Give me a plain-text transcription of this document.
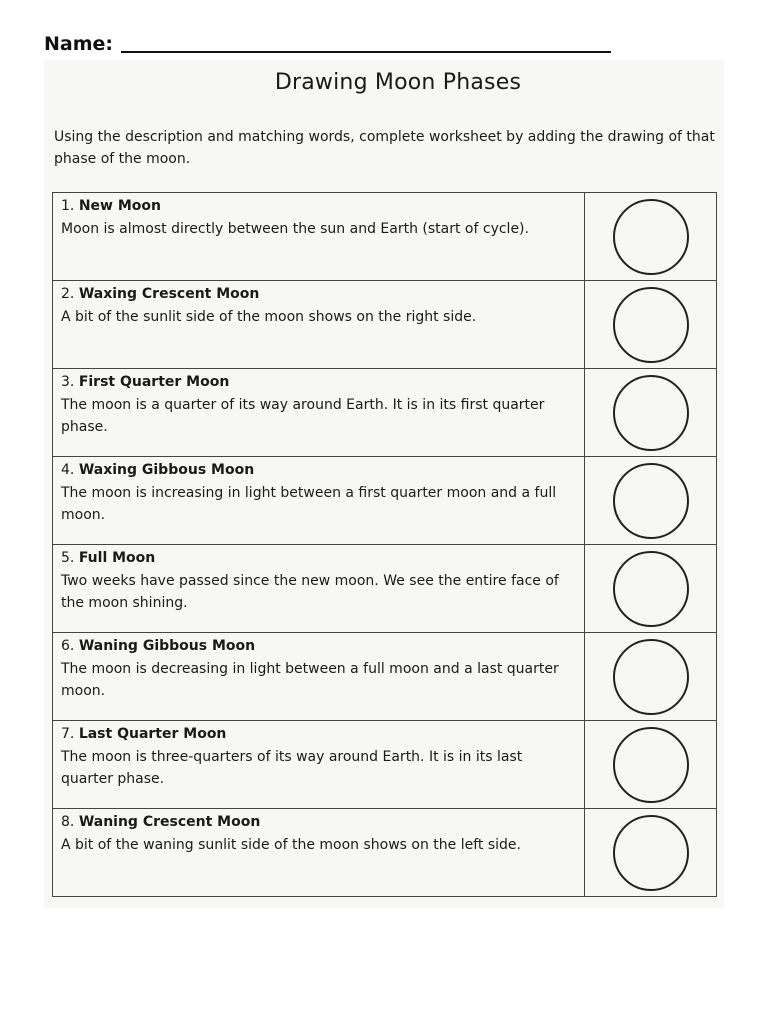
Name:
Drawing Moon Phases
Using the description and matching words, complete worksheet by adding the drawing of that phase of the moon.
1. New Moon
Moon is almost directly between the sun and Earth (start of cycle).	

2. Waxing Crescent Moon
A bit of the sunlit side of the moon shows on the right side.	

3. First Quarter Moon
The moon is a quarter of its way around Earth. It is in its first quarter phase.	

4. Waxing Gibbous Moon
The moon is increasing in light between a first quarter moon and a full moon.	

5. Full Moon
Two weeks have passed since the new moon. We see the entire face of the moon shining.	

6. Waning Gibbous Moon
The moon is decreasing in light between a full moon and a last quarter moon.	

7. Last Quarter Moon
The moon is three-quarters of its way around Earth. It is in its last quarter phase.	

8. Waning Crescent Moon
A bit of the waning sunlit side of the moon shows on the left side.	
